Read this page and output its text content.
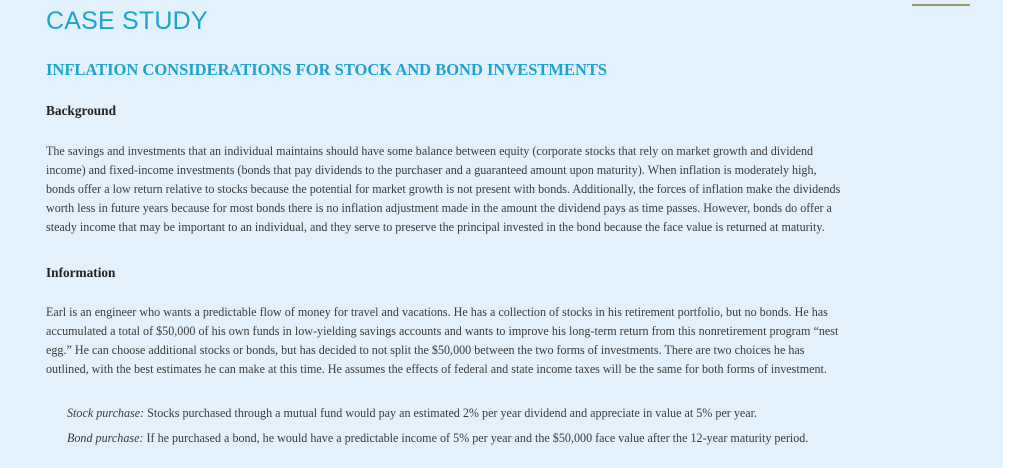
CASE STUDY
INFLATION CONSIDERATIONS FOR STOCK AND BOND INVESTMENTS
Background
The savings and investments that an individual maintains should have some balance between equity (corporate stocks that rely on market growth and dividend
income) and fixed-income investments (bonds that pay dividends to the purchaser and a guaranteed amount upon maturity). When inflation is moderately high,
bonds offer a low return relative to stocks because the potential for market growth is not present with bonds. Additionally, the forces of inflation make the dividends
worth less in future years because for most bonds there is no inflation adjustment made in the amount the dividend pays as time passes. However, bonds do offer a
steady income that may be important to an individual, and they serve to preserve the principal invested in the bond because the face value is returned at maturity.
Information
Earl is an engineer who wants a predictable flow of money for travel and vacations. He has a collection of stocks in his retirement portfolio, but no bonds. He has
accumulated a total of $50,000 of his own funds in low-yielding savings accounts and wants to improve his long-term return from this nonretirement program “nest
egg.” He can choose additional stocks or bonds, but has decided to not split the $50,000 between the two forms of investments. There are two choices he has
outlined, with the best estimates he can make at this time. He assumes the effects of federal and state income taxes will be the same for both forms of investment.
Stock purchase: Stocks purchased through a mutual fund would pay an estimated 2% per year dividend and appreciate in value at 5% per year.
Bond purchase: If he purchased a bond, he would have a predictable income of 5% per year and the $50,000 face value after the 12-year maturity period.
